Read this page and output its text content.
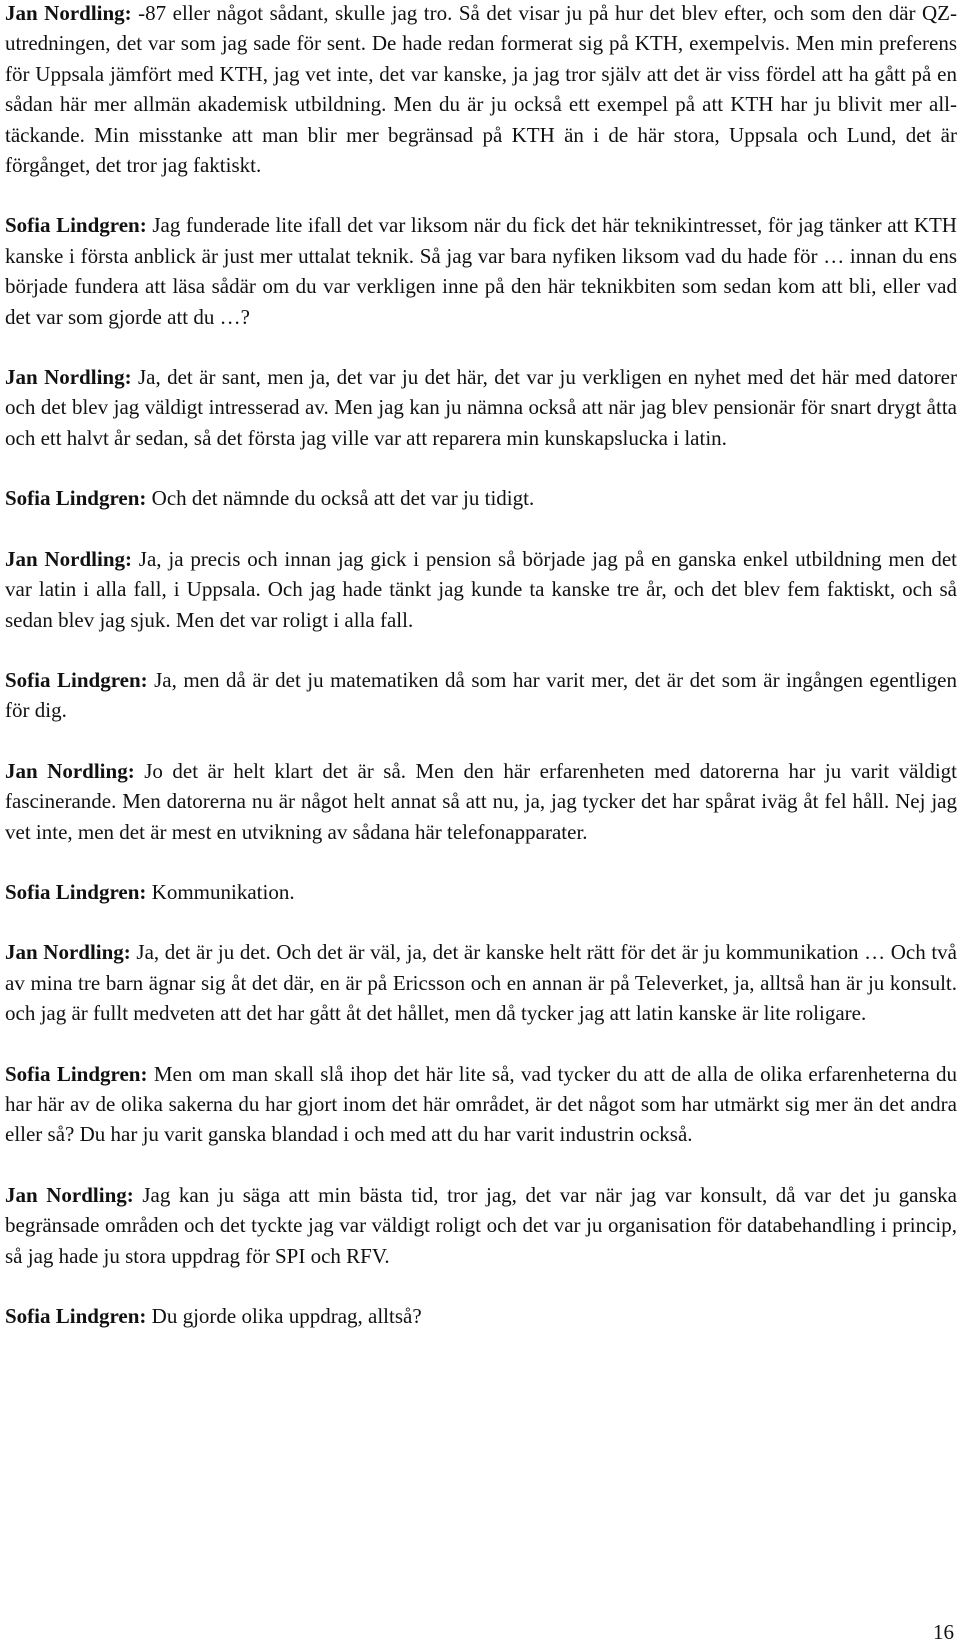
Jan Nordling: -87 eller något sådant, skulle jag tro. Så det visar ju på hur det blev efter, och som den där QZ-utredningen, det var som jag sade för sent. De hade redan formerat sig på KTH, exempelvis. Men min preferens för Uppsala jämfört med KTH, jag vet inte, det var kanske, ja jag tror själv att det är viss fördel att ha gått på en sådan här mer allmän akademisk utbildning. Men du är ju också ett exempel på att KTH har ju blivit mer all-täckande. Min misstanke att man blir mer begränsad på KTH än i de här stora, Uppsala och Lund, det är förgånget, det tror jag faktiskt.

Sofia Lindgren: Jag funderade lite ifall det var liksom när du fick det här teknikintresset, för jag tänker att KTH kanske i första anblick är just mer uttalat teknik. Så jag var bara nyfiken liksom vad du hade för … innan du ens började fundera att läsa sådär om du var verkligen inne på den här teknikbiten som sedan kom att bli, eller vad det var som gjorde att du …?

Jan Nordling: Ja, det är sant, men ja, det var ju det här, det var ju verkligen en nyhet med det här med datorer och det blev jag väldigt intresserad av. Men jag kan ju nämna också att när jag blev pensionär för snart drygt åtta och ett halvt år sedan, så det första jag ville var att reparera min kunskapslucka i latin.

Sofia Lindgren: Och det nämnde du också att det var ju tidigt.

Jan Nordling: Ja, ja precis och innan jag gick i pension så började jag på en ganska enkel utbildning men det var latin i alla fall, i Uppsala. Och jag hade tänkt jag kunde ta kanske tre år, och det blev fem faktiskt, och så sedan blev jag sjuk. Men det var roligt i alla fall.

Sofia Lindgren: Ja, men då är det ju matematiken då som har varit mer, det är det som är ingången egentligen för dig.

Jan Nordling: Jo det är helt klart det är så. Men den här erfarenheten med datorerna har ju varit väldigt fascinerande. Men datorerna nu är något helt annat så att nu, ja, jag tycker det har spårat iväg åt fel håll. Nej jag vet inte, men det är mest en utvikning av sådana här telefonapparater.

Sofia Lindgren: Kommunikation.

Jan Nordling: Ja, det är ju det. Och det är väl, ja, det är kanske helt rätt för det är ju kommunikation … Och två av mina tre barn ägnar sig åt det där, en är på Ericsson och en annan är på Televerket, ja, alltså han är ju konsult. och jag är fullt medveten att det har gått åt det hållet, men då tycker jag att latin kanske är lite roligare.

Sofia Lindgren: Men om man skall slå ihop det här lite så, vad tycker du att de alla de olika erfarenheterna du har här av de olika sakerna du har gjort inom det här området, är det något som har utmärkt sig mer än det andra eller så? Du har ju varit ganska blandad i och med att du har varit industrin också.

Jan Nordling: Jag kan ju säga att min bästa tid, tror jag, det var när jag var konsult, då var det ju ganska begränsade områden och det tyckte jag var väldigt roligt och det var ju organisation för databehandling i princip, så jag hade ju stora uppdrag för SPI och RFV.

Sofia Lindgren: Du gjorde olika uppdrag, alltså?

16
